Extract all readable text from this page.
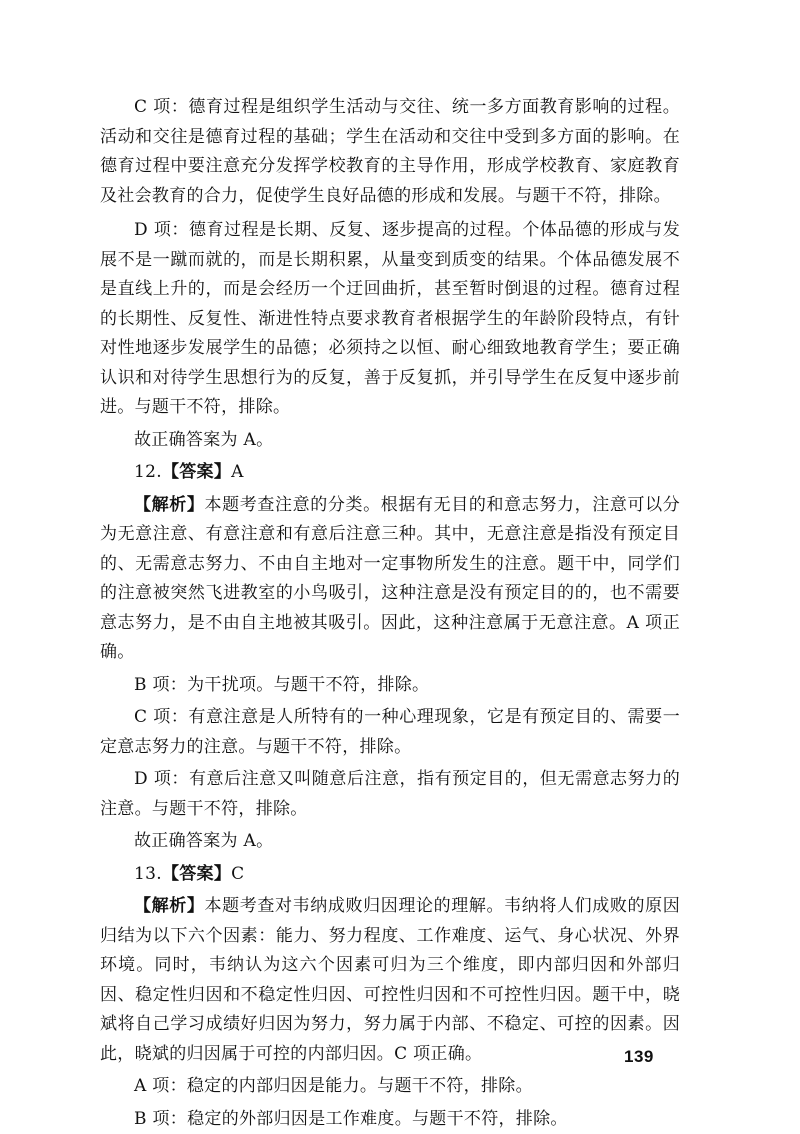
C 项：德育过程是组织学生活动与交往、统一多方面教育影响的过程。活动和交往是德育过程的基础；学生在活动和交往中受到多方面的影响。在德育过程中要注意充分发挥学校教育的主导作用，形成学校教育、家庭教育及社会教育的合力，促使学生良好品德的形成和发展。与题干不符，排除。

D 项：德育过程是长期、反复、逐步提高的过程。个体品德的形成与发展不是一蹴而就的，而是长期积累，从量变到质变的结果。个体品德发展不是直线上升的，而是会经历一个迂回曲折，甚至暂时倒退的过程。德育过程的长期性、反复性、渐进性特点要求教育者根据学生的年龄阶段特点，有针对性地逐步发展学生的品德；必须持之以恒、耐心细致地教育学生；要正确认识和对待学生思想行为的反复，善于反复抓，并引导学生在反复中逐步前进。与题干不符，排除。

故正确答案为 A。

12.【答案】A

【解析】本题考查注意的分类。根据有无目的和意志努力，注意可以分为无意注意、有意注意和有意后注意三种。其中，无意注意是指没有预定目的、无需意志努力、不由自主地对一定事物所发生的注意。题干中，同学们的注意被突然飞进教室的小鸟吸引，这种注意是没有预定目的的，也不需要意志努力，是不由自主地被其吸引。因此，这种注意属于无意注意。A 项正确。

B 项：为干扰项。与题干不符，排除。

C 项：有意注意是人所特有的一种心理现象，它是有预定目的、需要一定意志努力的注意。与题干不符，排除。

D 项：有意后注意又叫随意后注意，指有预定目的，但无需意志努力的注意。与题干不符，排除。

故正确答案为 A。

13.【答案】C

【解析】本题考查对韦纳成败归因理论的理解。韦纳将人们成败的原因归结为以下六个因素：能力、努力程度、工作难度、运气、身心状况、外界环境。同时，韦纳认为这六个因素可归为三个维度，即内部归因和外部归因、稳定性归因和不稳定性归因、可控性归因和不可控性归因。题干中，晓斌将自己学习成绩好归因为努力，努力属于内部、不稳定、可控的因素。因此，晓斌的归因属于可控的内部归因。C 项正确。

A 项：稳定的内部归因是能力。与题干不符，排除。

B 项：稳定的外部归因是工作难度。与题干不符，排除。

139
